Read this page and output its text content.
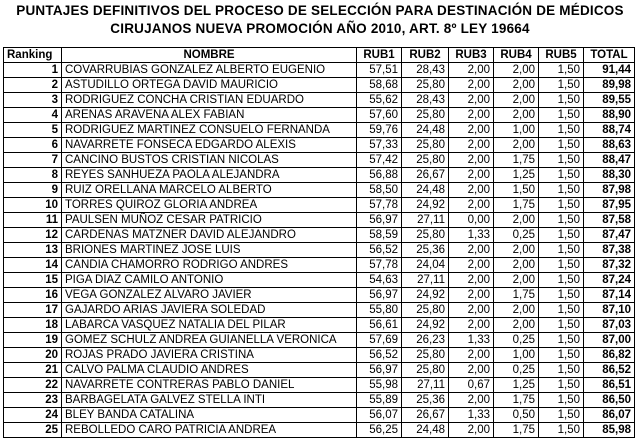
PUNTAJES DEFINITIVOS DEL PROCESO DE SELECCIÓN PARA DESTINACIÓN DE MÉDICOS
CIRUJANOS NUEVA PROMOCIÓN AÑO 2010, ART. 8º LEY 19664
Ranking	NOMBRE	RUB1	RUB2	RUB3	RUB4	RUB5	TOTAL
1	COVARRUBIAS GONZALEZ ALBERTO EUGENIO	57,51	28,43	2,00	2,00	1,50	91,44
2	ASTUDILLO ORTEGA DAVID MAURICIO	58,68	25,80	2,00	2,00	1,50	89,98
3	RODRIGUEZ CONCHA CRISTIAN EDUARDO	55,62	28,43	2,00	2,00	1,50	89,55
4	ARENAS ARAVENA ALEX FABIAN	57,60	25,80	2,00	2,00	1,50	88,90
5	RODRIGUEZ MARTINEZ CONSUELO FERNANDA	59,76	24,48	2,00	1,00	1,50	88,74
6	NAVARRETE FONSECA EDGARDO ALEXIS	57,33	25,80	2,00	2,00	1,50	88,63
7	CANCINO BUSTOS CRISTIAN NICOLAS	57,42	25,80	2,00	1,75	1,50	88,47
8	REYES SANHUEZA PAOLA ALEJANDRA	56,88	26,67	2,00	1,25	1,50	88,30
9	RUIZ ORELLANA MARCELO ALBERTO	58,50	24,48	2,00	1,50	1,50	87,98
10	TORRES QUIROZ GLORIA ANDREA	57,78	24,92	2,00	1,75	1,50	87,95
11	PAULSEN MUÑOZ CESAR PATRICIO	56,97	27,11	0,00	2,00	1,50	87,58
12	CARDENAS MATZNER DAVID ALEJANDRO	58,59	25,80	1,33	0,25	1,50	87,47
13	BRIONES MARTINEZ JOSE LUIS	56,52	25,36	2,00	2,00	1,50	87,38
14	CANDIA CHAMORRO RODRIGO ANDRES	57,78	24,04	2,00	2,00	1,50	87,32
15	PIGA DIAZ CAMILO ANTONIO	54,63	27,11	2,00	2,00	1,50	87,24
16	VEGA GONZALEZ ALVARO JAVIER	56,97	24,92	2,00	1,75	1,50	87,14
17	GAJARDO ARIAS JAVIERA SOLEDAD	55,80	25,80	2,00	2,00	1,50	87,10
18	LABARCA VASQUEZ NATALIA DEL PILAR	56,61	24,92	2,00	2,00	1,50	87,03
19	GOMEZ SCHULZ ANDREA GUIANELLA VERONICA	57,69	26,23	1,33	0,25	1,50	87,00
20	ROJAS PRADO JAVIERA CRISTINA	56,52	25,80	2,00	1,00	1,50	86,82
21	CALVO PALMA CLAUDIO ANDRES	56,97	25,80	2,00	0,25	1,50	86,52
22	NAVARRETE CONTRERAS PABLO DANIEL	55,98	27,11	0,67	1,25	1,50	86,51
23	BARBAGELATA GALVEZ STELLA INTI	55,89	25,36	2,00	1,75	1,50	86,50
24	BLEY BANDA CATALINA	56,07	26,67	1,33	0,50	1,50	86,07
25	REBOLLEDO CARO PATRICIA ANDREA	56,25	24,48	2,00	1,75	1,50	85,98
